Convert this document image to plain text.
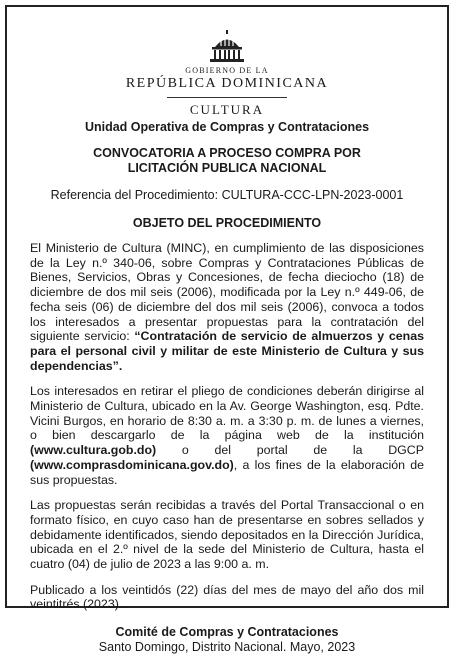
GOBIERNO DE LA
REPÚBLICA DOMINICANA
CULTURA
Unidad Operativa de Compras y Contrataciones
CONVOCATORIA A PROCESO COMPRA POR
LICITACIÓN PUBLICA NACIONAL
Referencia del Procedimiento: CULTURA-CCC-LPN-2023-0001
OBJETO DEL PROCEDIMIENTO

El Ministerio de Cultura (MINC), en cumplimiento de las disposiciones de la Ley n.º 340-06, sobre Compras y Contrataciones Públicas de Bienes, Servicios, Obras y Concesiones, de fecha dieciocho (18) de diciembre de dos mil seis (2006), modificada por la Ley n.º 449-06, de fecha seis (06) de diciembre del dos mil seis (2006), convoca a todos los interesados a presentar propuestas para la contratación del siguiente servicio: “Contratación de servicio de almuerzos y cenas para el personal civil y militar de este Ministerio de Cultura y sus dependencias”.

Los interesados en retirar el pliego de condiciones deberán dirigirse al Ministerio de Cultura, ubicado en la Av. George Washington, esq. Pdte. Vicini Burgos, en horario de 8:30 a. m. a 3:30 p. m. de lunes a viernes, o bien descargarlo de la página web de la institución (www.cultura.gob.do) o del portal de la DGCP (www.comprasdominicana.gov.do), a los fines de la elaboración de sus propuestas.

Las propuestas serán recibidas a través del Portal Transaccional o en formato físico, en cuyo caso han de presentarse en sobres sellados y debidamente identificados, siendo depositados en la Dirección Jurídica, ubicada en el 2.º nivel de la sede del Ministerio de Cultura, hasta el cuatro (04) de julio de 2023 a las 9:00 a. m.

Publicado a los veintidós (22) días del mes de mayo del año dos mil veintitrés (2023).

Comité de Compras y Contrataciones
Santo Domingo, Distrito Nacional. Mayo, 2023
